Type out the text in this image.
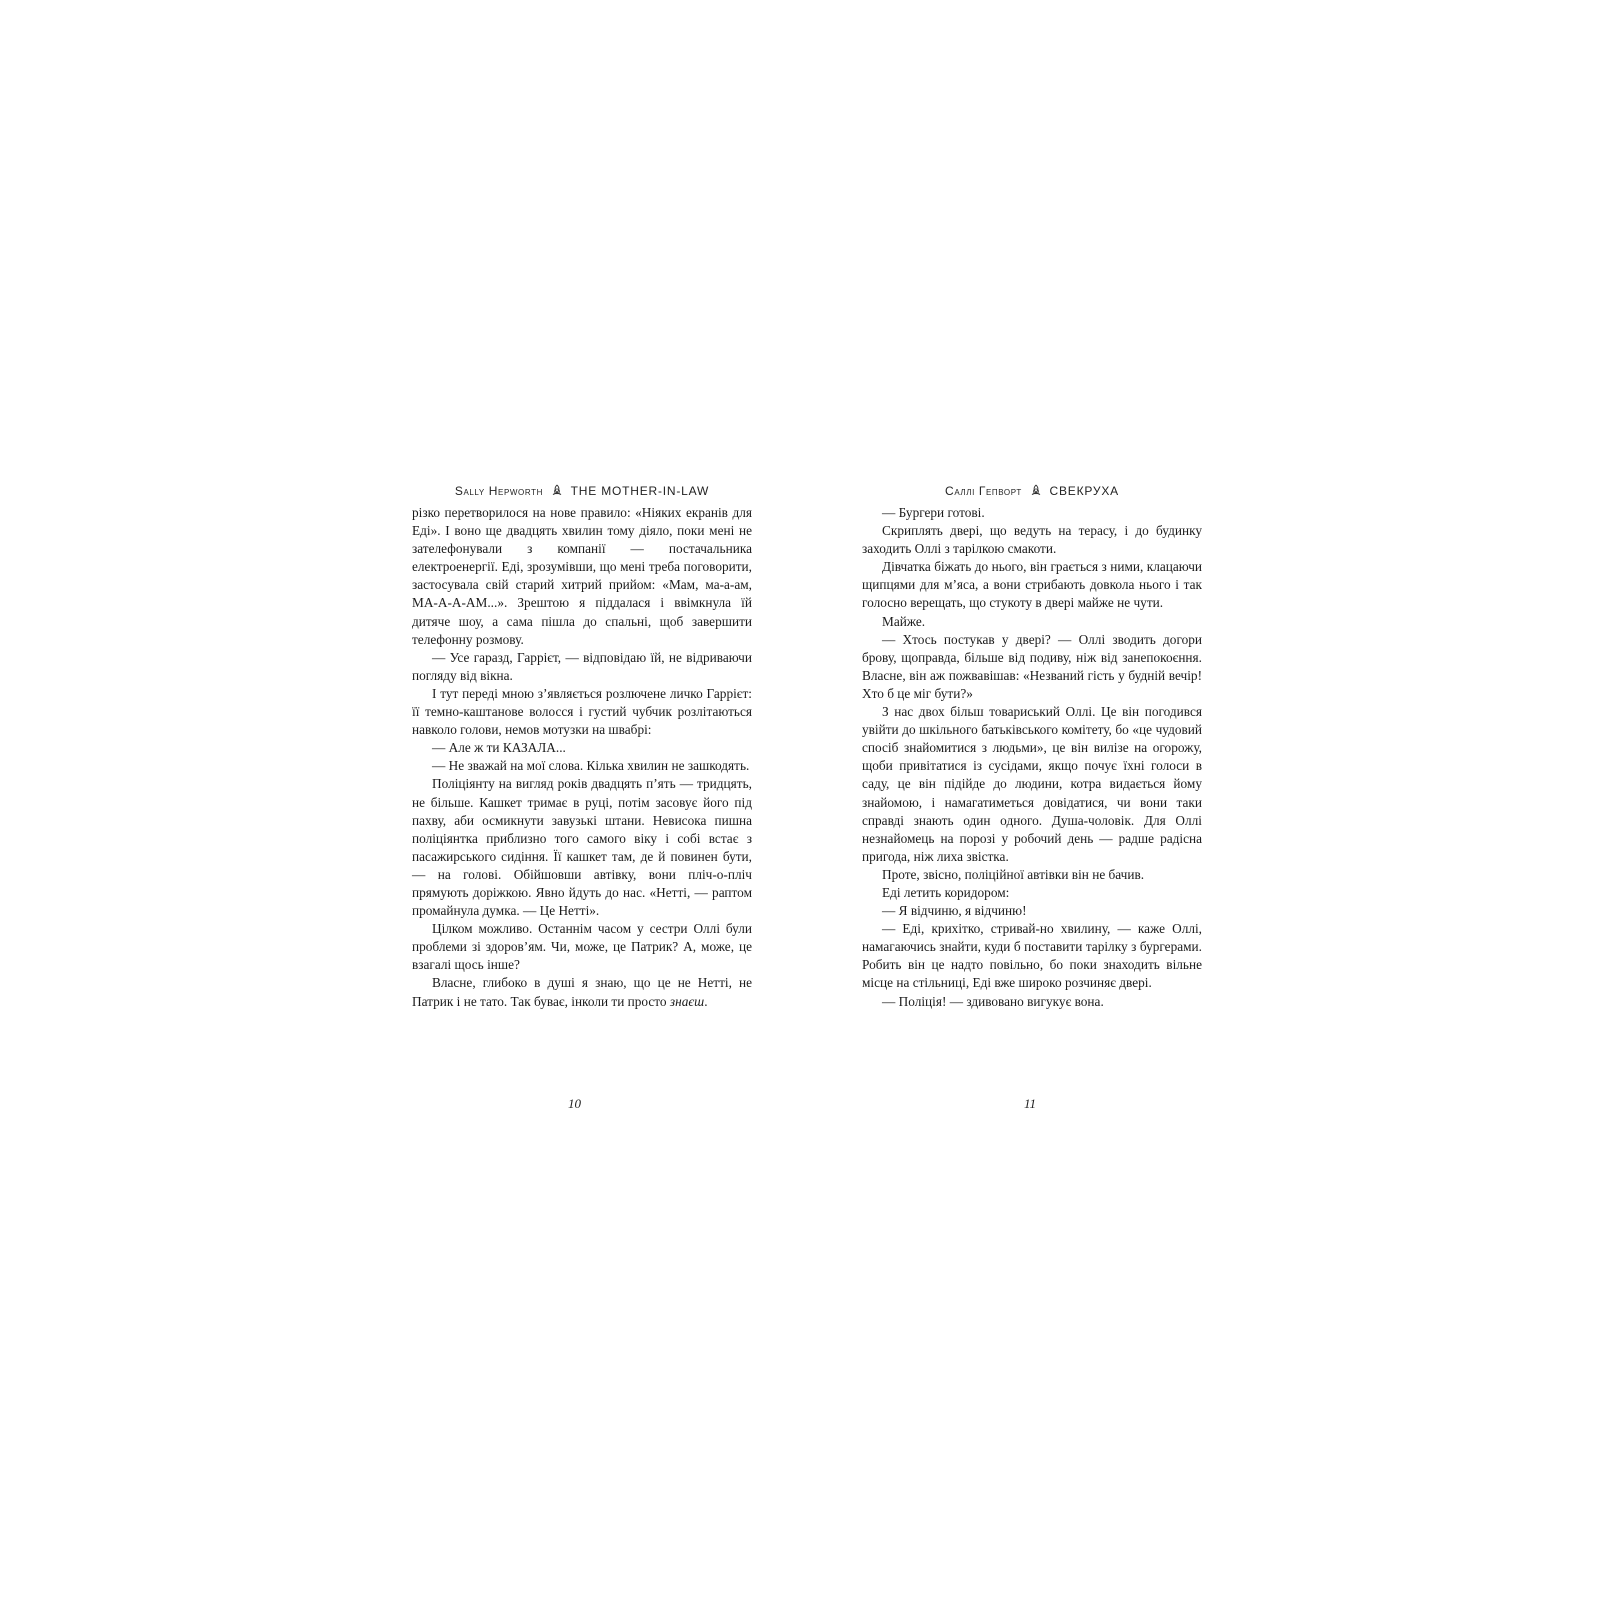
Sally Hepworth THE MOTHER-IN-LAW

різко перетворилося на нове правило: «Ніяких екранів для Еді». І воно ще двадцять хвилин тому діяло, поки мені не зателефонували з компанії — постачальника електроенергії. Еді, зрозумівши, що мені треба поговорити, застосувала свій старий хитрий прийом: «Мам, ма-а-ам, МА-А-А-АМ...». Зрештою я піддалася і ввімкнула їй дитяче шоу, а сама пішла до спальні, щоб завершити телефонну розмову.

— Усе гаразд, Гаррієт, — відповідаю їй, не відриваючи погляду від вікна.

І тут переді мною з’являється розлючене личко Гаррієт: її темно-каштанове волосся і густий чубчик розлітаються навколо голови, немов мотузки на швабрі:

— Але ж ти КАЗАЛА...

— Не зважай на мої слова. Кілька хвилин не зашкодять.

Поліціянту на вигляд років двадцять п’ять — тридцять, не більше. Кашкет тримає в руці, потім засовує його під пахву, аби осмикнути завузькі штани. Невисока пишна поліціянтка приблизно того самого віку і собі встає з пасажирського сидіння. Її кашкет там, де й повинен бути, — на голові. Обійшовши автівку, вони пліч-о-пліч прямують доріжкою. Явно йдуть до нас. «Нетті, — раптом промайнула думка. — Це Нетті».

Цілком можливо. Останнім часом у сестри Оллі були проблеми зі здоров’ям. Чи, може, це Патрик? А, може, це взагалі щось інше?

Власне, глибоко в душі я знаю, що це не Нетті, не Патрик і не тато. Так буває, інколи ти просто знаєш.

10
Саллі Гепворт СВЕКРУХА

— Бургери готові.

Скриплять двері, що ведуть на терасу, і до будинку заходить Оллі з тарілкою смакоти.

Дівчатка біжать до нього, він грається з ними, клацаючи щипцями для м’яса, а вони стрибають довкола нього і так голосно верещать, що стукоту в двері майже не чути.

Майже.

— Хтось постукав у двері? — Оллі зводить догори брову, щоправда, більше від подиву, ніж від занепокоєння. Власне, він аж пожвавішав: «Незваний гість у будній вечір! Хто б це міг бути?»

З нас двох більш товариський Оллі. Це він погодився увійти до шкільного батьківського комітету, бо «це чудовий спосіб знайомитися з людьми», це він вилізе на огорожу, щоби привітатися із сусідами, якщо почує їхні голоси в саду, це він підійде до людини, котра видається йому знайомою, і намагатиметься довідатися, чи вони таки справді знають один одного. Душа-чоловік. Для Оллі незнайомець на порозі у робочий день — радше радісна пригода, ніж лиха звістка.

Проте, звісно, поліційної автівки він не бачив.

Еді летить коридором:

— Я відчиню, я відчиню!

— Еді, крихітко, стривай-но хвилину, — каже Оллі, намагаючись знайти, куди б поставити тарілку з бургерами. Робить він це надто повільно, бо поки знаходить вільне місце на стільниці, Еді вже широко розчиняє двері.

— Поліція! — здивовано вигукує вона.

11
